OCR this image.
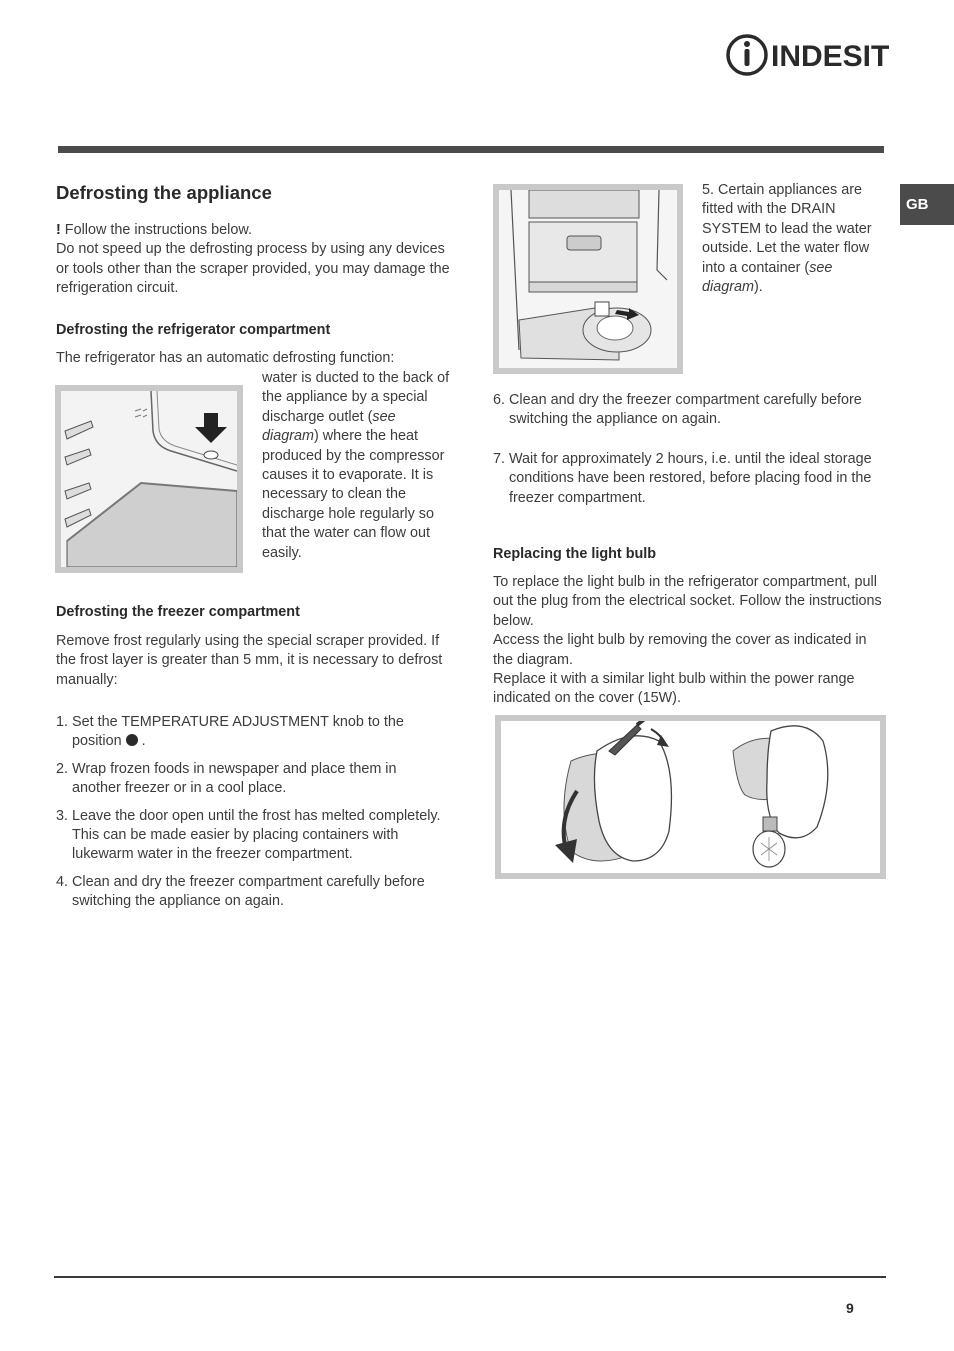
INDESIT
GB
Defrosting the appliance

! Follow the instructions below.

Do not speed up the defrosting process by using any devices or tools other than the scraper provided, you may damage the refrigeration circuit.

Defrosting the refrigerator compartment

The refrigerator has an automatic defrosting function:

water is ducted to the back of the appliance by a special discharge outlet (see diagram) where the heat produced by the compressor causes it to evaporate. It is necessary to clean the discharge hole regularly so that the water can flow out easily.

Defrosting the freezer compartment

Remove frost regularly using the special scraper provided. If the frost layer is greater than 5 mm, it is necessary to defrost manually:

1. Set the TEMPERATURE ADJUSTMENT knob to the position  .
2. Wrap frozen foods in newspaper and place them in another freezer or in a cool place.
3. Leave the door open until the frost has melted completely. This can be made easier by placing containers with lukewarm water in the freezer compartment.
4. Clean and dry the freezer compartment carefully before switching the appliance on again.

5. Certain appliances are fitted with the DRAIN SYSTEM to lead the water outside. Let the water flow into a container (see diagram).

6. Clean and dry the freezer compartment carefully before switching the appliance on again.
7. Wait for approximately 2 hours, i.e. until the ideal storage conditions have been restored, before placing food in the freezer compartment.
Replacing the light bulb

To replace the light bulb in the refrigerator compartment, pull out the plug from the electrical socket. Follow the instructions below.

Access the light bulb by removing the cover as indicated in the diagram.

Replace it with a similar light bulb within the power range indicated on the cover (15W).

9
